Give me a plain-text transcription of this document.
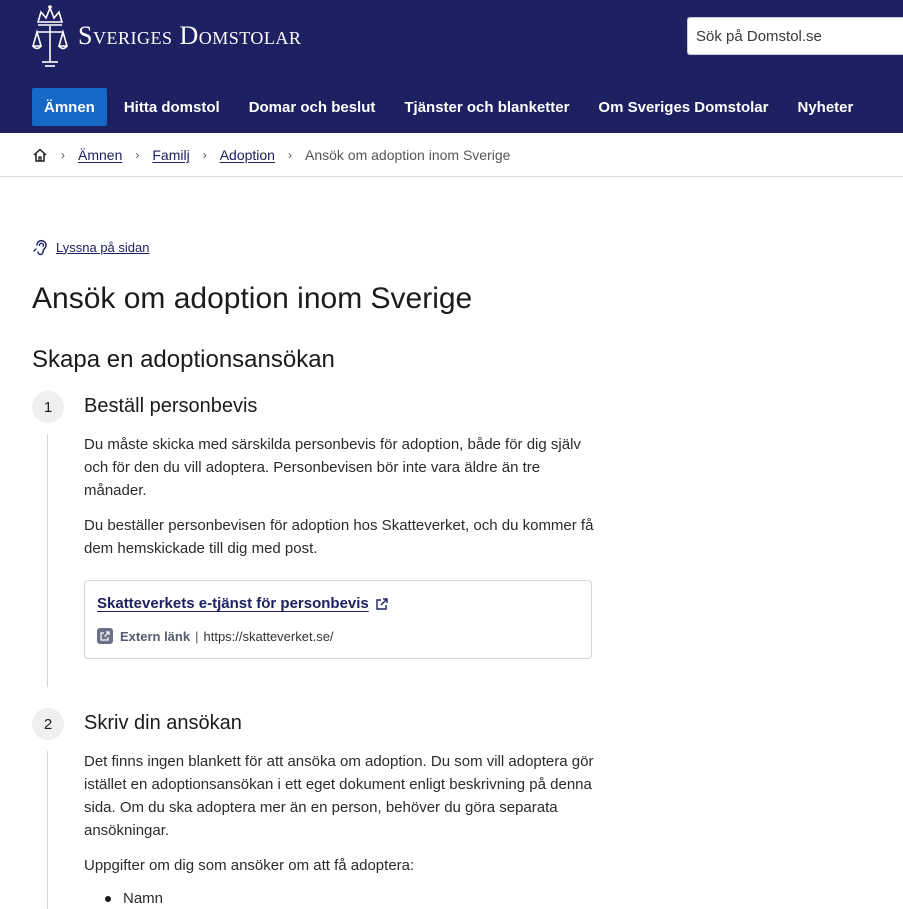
Sveriges Domstolar
Sök på Domstol.se
Ämnen	Hitta domstol	Domar och beslut	Tjänster och blanketter	Om Sveriges Domstolar	Nyheter
› Ämnen › Familj › Adoption › Ansök om adoption inom Sverige
Lyssna på sidan
Ansök om adoption inom Sverige
Skapa en adoptionsansökan
1	Beställ personbevis

Du måste skicka med särskilda personbevis för adoption, både för dig själv och för den du vill adoptera. Personbevisen bör inte vara äldre än tre månader.

Du beställer personbevisen för adoption hos Skatteverket, och du kommer få dem hemskickade till dig med post.

Skatteverkets e-tjänst för personbevis
Extern länk | https://skatteverket.se/
2	Skriv din ansökan

Det finns ingen blankett för att ansöka om adoption. Du som vill adoptera gör istället en adoptionsansökan i ett eget dokument enligt beskrivning på denna sida. Om du ska adoptera mer än en person, behöver du göra separata ansökningar.

Uppgifter om dig som ansöker om att få adoptera:

Namn
